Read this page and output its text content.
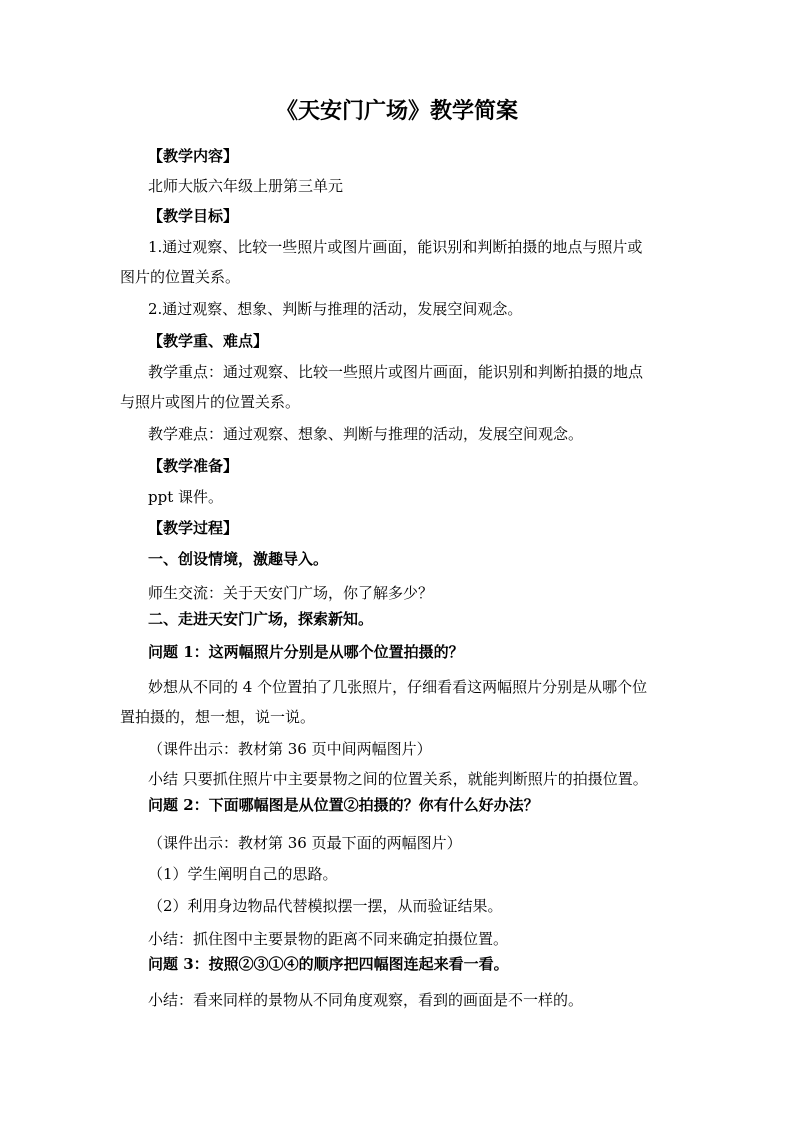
《天安门广场》教学简案
【教学内容】
北师大版六年级上册第三单元
【教学目标】
1.通过观察、比较一些照片或图片画面，能识别和判断拍摄的地点与照片或
图片的位置关系。
2.通过观察、想象、判断与推理的活动，发展空间观念。
【教学重、难点】
教学重点：通过观察、比较一些照片或图片画面，能识别和判断拍摄的地点
与照片或图片的位置关系。
教学难点：通过观察、想象、判断与推理的活动，发展空间观念。
【教学准备】
ppt 课件。
【教学过程】
一、创设情境，激趣导入。
师生交流：关于天安门广场，你了解多少？
二、走进天安门广场，探索新知。
问题 1：这两幅照片分别是从哪个位置拍摄的？
妙想从不同的 4 个位置拍了几张照片，仔细看看这两幅照片分别是从哪个位
置拍摄的，想一想，说一说。
（课件出示：教材第 36 页中间两幅图片）
小结 只要抓住照片中主要景物之间的位置关系，就能判断照片的拍摄位置。
问题 2：下面哪幅图是从位置②拍摄的？你有什么好办法？
（课件出示：教材第 36 页最下面的两幅图片）
（1）学生阐明自己的思路。
（2）利用身边物品代替模拟摆一摆，从而验证结果。
小结：抓住图中主要景物的距离不同来确定拍摄位置。
问题 3：按照②③①④的顺序把四幅图连起来看一看。
小结：看来同样的景物从不同角度观察，看到的画面是不一样的。
